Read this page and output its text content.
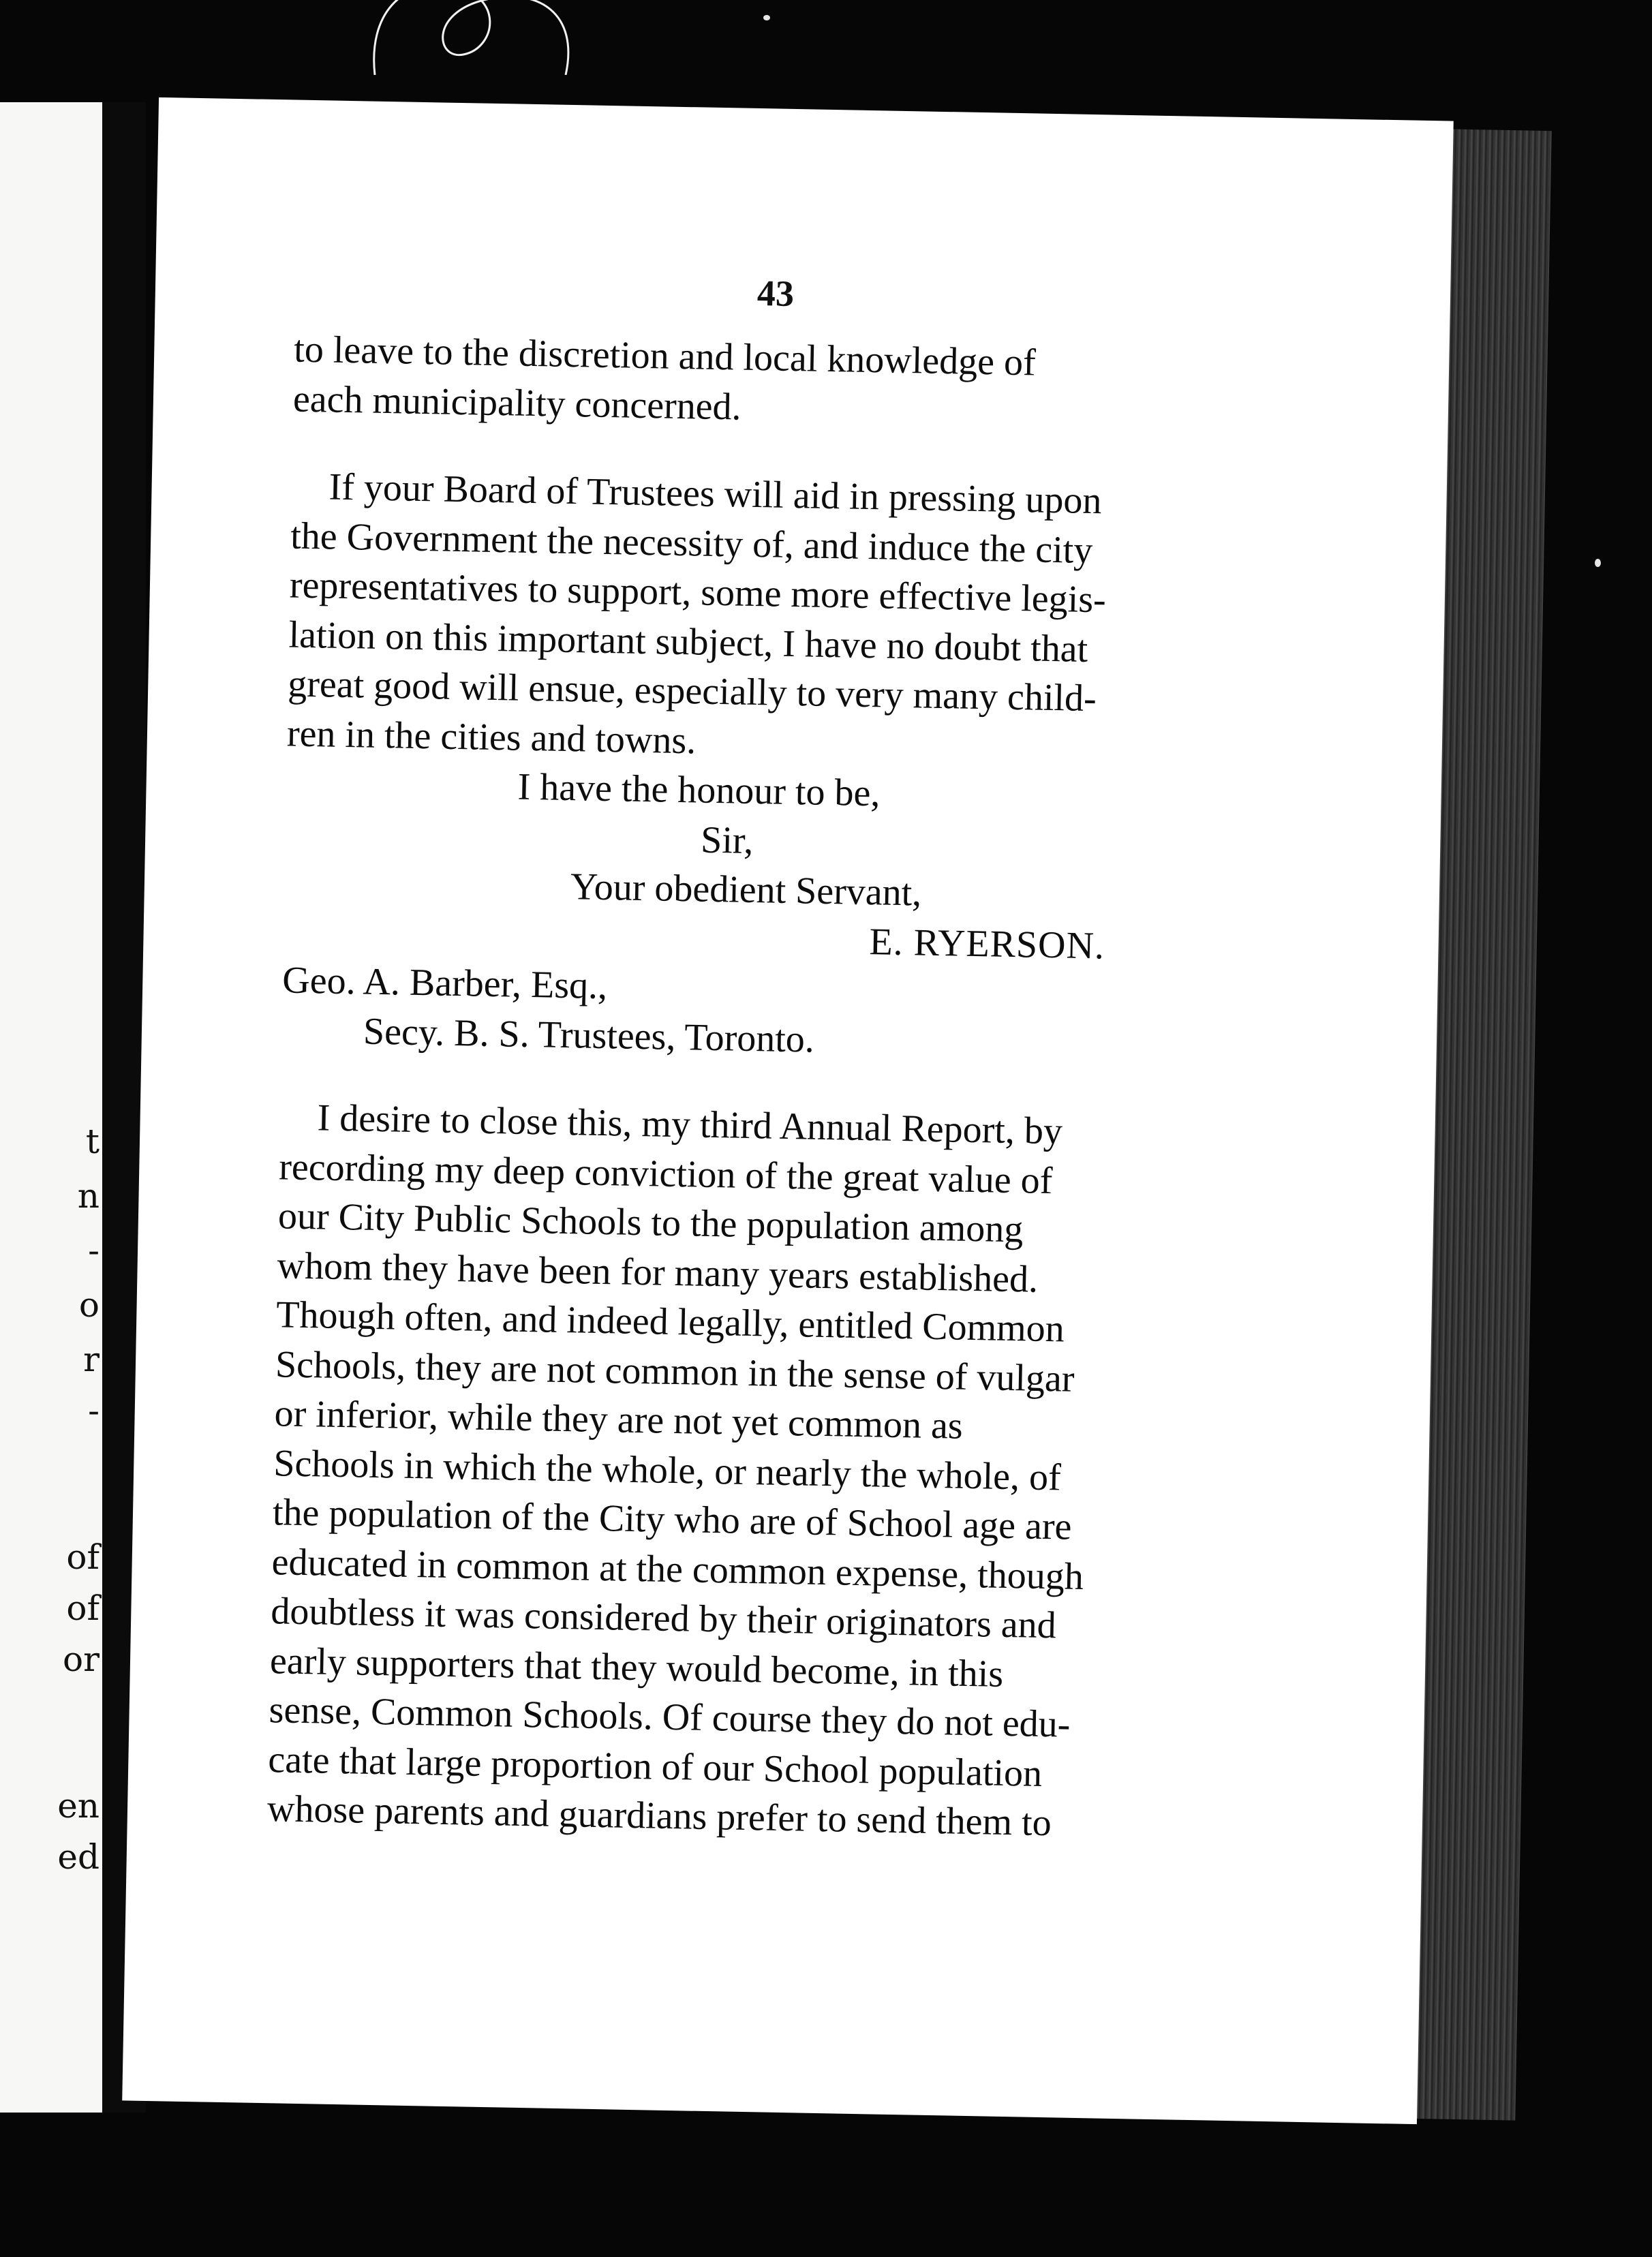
t
n
-
o
r
-
of
of
or
en
ed
43

to leave to the discretion and local knowledge of
each municipality concerned.

If your Board of Trustees will aid in pressing upon
the Government the necessity of, and induce the city
representatives to support, some more effective legis-
lation on this important subject, I have no doubt that
great good will ensue, especially to very many child-
ren in the cities and towns.

I have the honour to be,

Sir,

Your obedient Servant,

E. RYERSON.

Geo. A. Barber, Esq.,

Secy. B. S. Trustees, Toronto.

I desire to close this, my third Annual Report, by
recording my deep conviction of the great value of
our City Public Schools to the population among
whom they have been for many years established.
Though often, and indeed legally, entitled Common
Schools, they are not common in the sense of vulgar
or inferior, while they are not yet common as
Schools in which the whole, or nearly the whole, of
the population of the City who are of School age are
educated in common at the common expense, though
doubtless it was considered by their originators and
early supporters that they would become, in this
sense, Common Schools. Of course they do not edu-
cate that large proportion of our School population
whose parents and guardians prefer to send them to
